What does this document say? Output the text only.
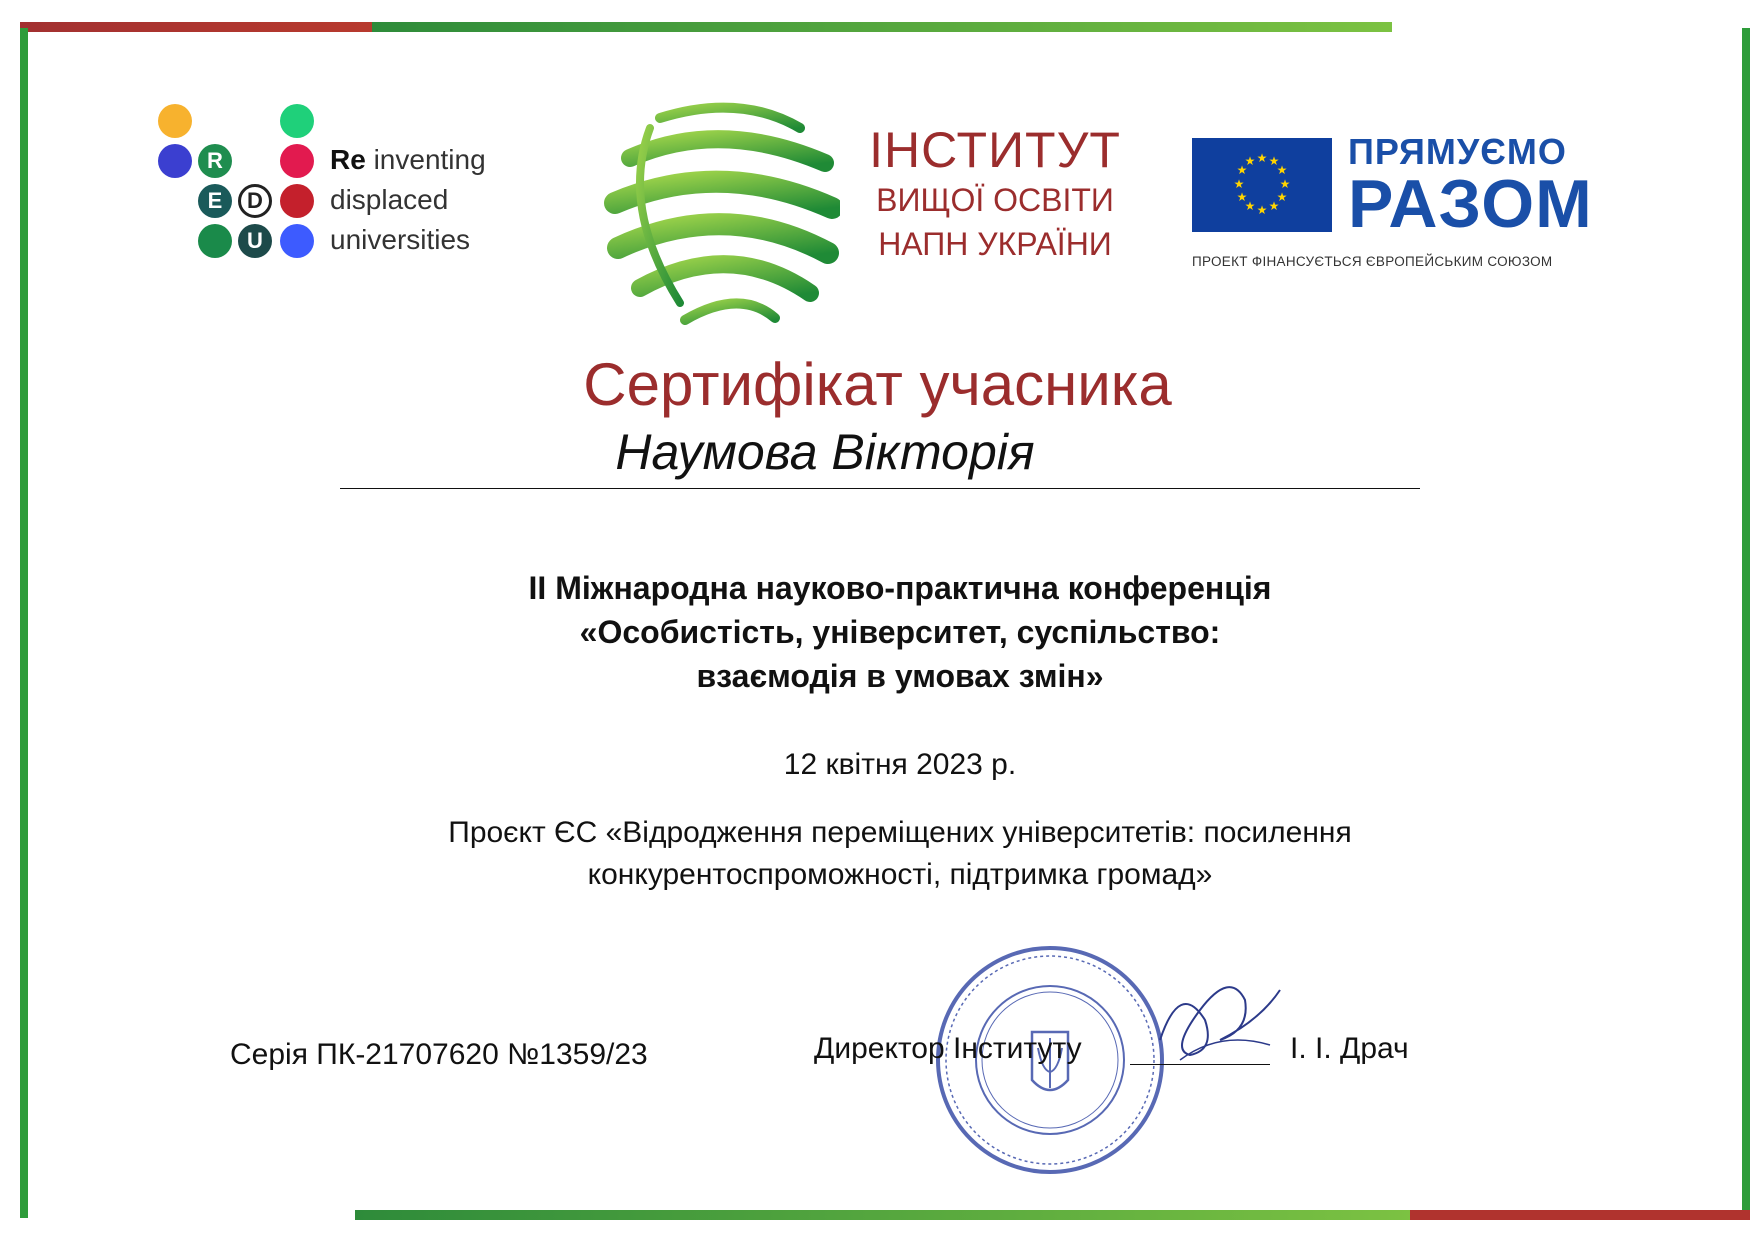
R
E	D
U
Re inventing
displaced
universities
ІНСТИТУТ
ВИЩОЇ ОСВІТИ
НАПН УКРАЇНИ
★ ★
★
★
★
★
★
★
★
★
★
★	ПРЯМУЄМО
РАЗОМ
ПРОЕКТ ФІНАНСУЄТЬСЯ ЄВРОПЕЙСЬКИМ СОЮЗОМ
Сертифікат учасника
Наумова Вікторія
ІІ Міжнародна науково-практична конференція
«Особистість, університет, суспільство:
взаємодія в умовах змін»
12 квітня 2023 р.
Проєкт ЄС «Відродження переміщених університетів: посилення
конкурентоспроможності, підтримка громад»
Серія ПК-21707620 №1359/23	Директор Інституту	І. І. Драч
